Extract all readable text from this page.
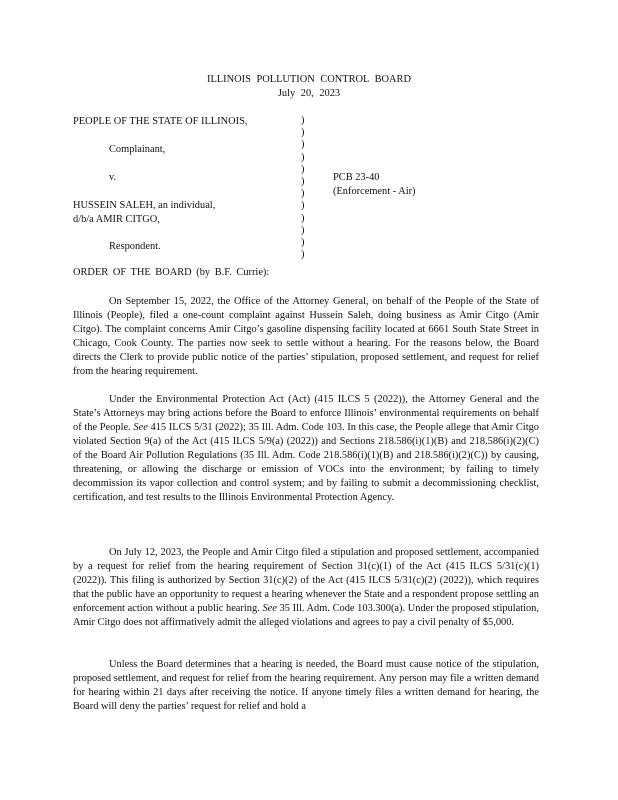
ILLINOIS POLLUTION CONTROL BOARD
July 20, 2023
PEOPLE OF THE STATE OF ILLINOIS,
Complainant,
v.
HUSSEIN SALEH, an individual,
d/b/a AMIR CITGO,
Respondent.
)
)
)
)
)
)
)
)
)
)
)
)
PCB 23-40
(Enforcement - Air)
ORDER OF THE BOARD (by B.F. Currie):

On September 15, 2022, the Office of the Attorney General, on behalf of the People of the State of Illinois (People), filed a one-count complaint against Hussein Saleh, doing business as Amir Citgo (Amir Citgo). The complaint concerns Amir Citgo’s gasoline dispensing facility located at 6661 South State Street in Chicago, Cook County. The parties now seek to settle without a hearing. For the reasons below, the Board directs the Clerk to provide public notice of the parties’ stipulation, proposed settlement, and request for relief from the hearing requirement.

Under the Environmental Protection Act (Act) (415 ILCS 5 (2022)), the Attorney General and the State’s Attorneys may bring actions before the Board to enforce Illinois’ environmental requirements on behalf of the People. See 415 ILCS 5/31 (2022); 35 Ill. Adm. Code 103. In this case, the People allege that Amir Citgo violated Section 9(a) of the Act (415 ILCS 5/9(a) (2022)) and Sections 218.586(i)(1)(B) and 218.586(i)(2)(C) of the Board Air Pollution Regulations (35 Ill. Adm. Code 218.586(i)(1)(B) and 218.586(i)(2)(C)) by causing, threatening, or allowing the discharge or emission of VOCs into the environment; by failing to timely decommission its vapor collection and control system; and by failing to submit a decommissioning checklist, certification, and test results to the Illinois Environmental Protection Agency.

On July 12, 2023, the People and Amir Citgo filed a stipulation and proposed settlement, accompanied by a request for relief from the hearing requirement of Section 31(c)(1) of the Act (415 ILCS 5/31(c)(1) (2022)). This filing is authorized by Section 31(c)(2) of the Act (415 ILCS 5/31(c)(2) (2022)), which requires that the public have an opportunity to request a hearing whenever the State and a respondent propose settling an enforcement action without a public hearing. See 35 Ill. Adm. Code 103.300(a). Under the proposed stipulation, Amir Citgo does not affirmatively admit the alleged violations and agrees to pay a civil penalty of $5,000.

Unless the Board determines that a hearing is needed, the Board must cause notice of the stipulation, proposed settlement, and request for relief from the hearing requirement. Any person may file a written demand for hearing within 21 days after receiving the notice. If anyone timely files a written demand for hearing, the Board will deny the parties’ request for relief and hold a
